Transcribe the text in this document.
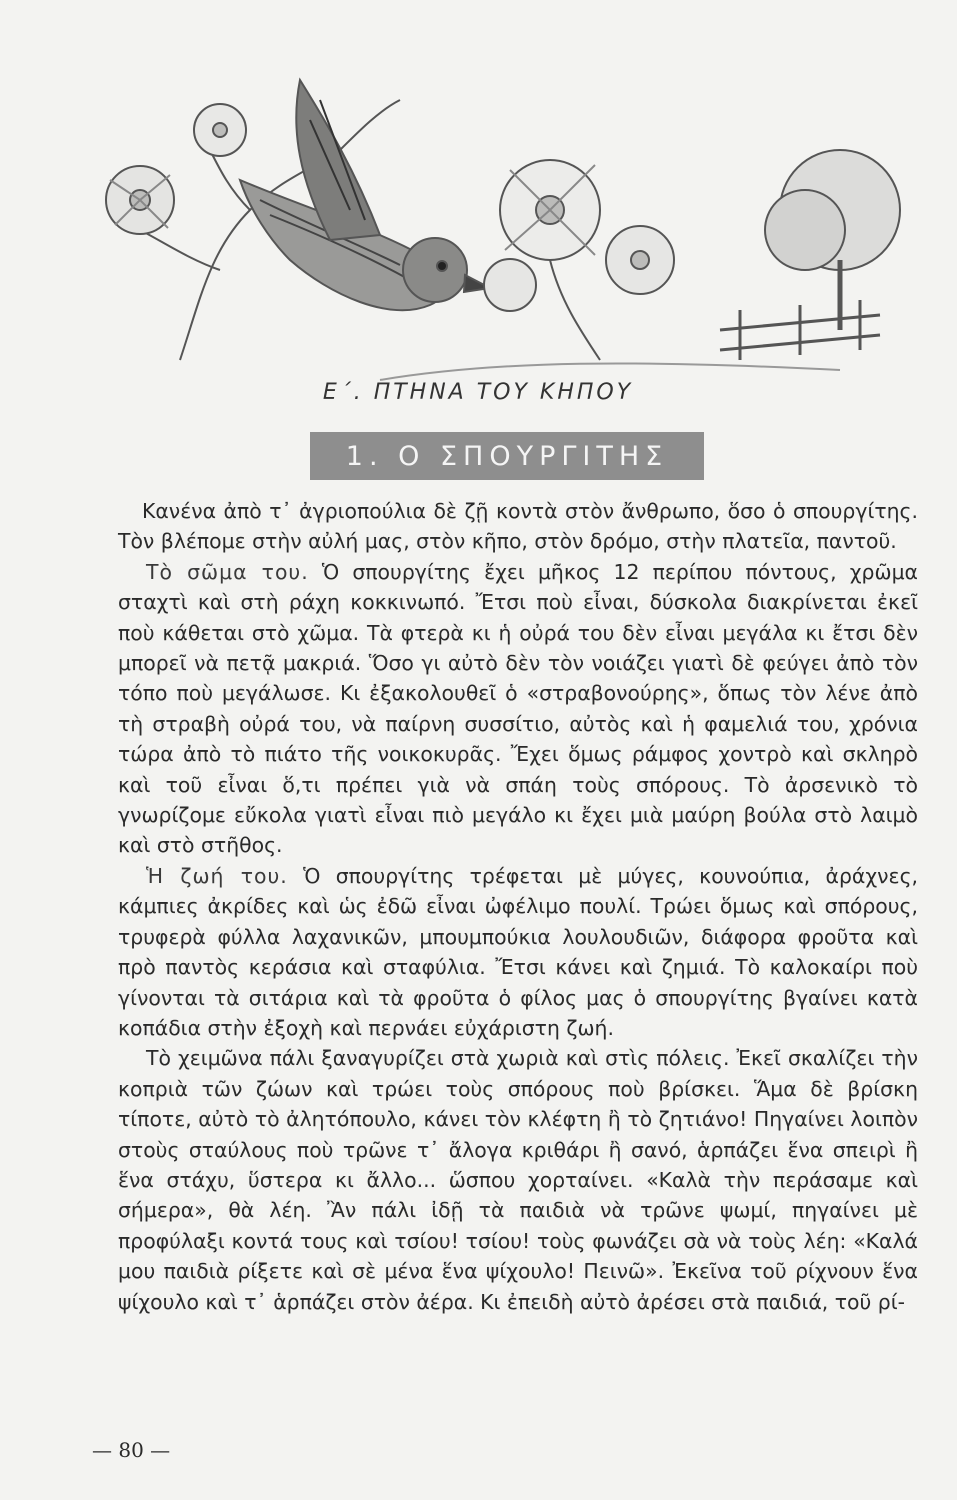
Ε΄. ΠΤΗΝΑ ΤΟΥ ΚΗΠΟΥ
1. Ο ΣΠΟΥΡΓΙΤΗΣ

Κανένα ἀπὸ τ᾽ ἀγριοπούλια δὲ ζῇ κοντὰ στὸν ἄνθρωπο, ὅσο ὁ σπουργίτης. Τὸν βλέπομε στὴν αὐλή μας, στὸν κῆπο, στὸν δρόμο, στὴν πλατεῖα, παντοῦ.

Τὸ σῶμα του. Ὁ σπουργίτης ἔχει μῆκος 12 περίπου πόντους, χρῶμα σταχτὶ καὶ στὴ ράχη κοκκινωπό. Ἔτσι ποὺ εἶναι, δύσκολα διακρίνεται ἐκεῖ ποὺ κάθεται στὸ χῶμα. Τὰ φτερὰ κι ἡ οὐρά του δὲν εἶναι μεγάλα κι ἔτσι δὲν μπορεῖ νὰ πετᾷ μακριά. Ὅσο γι αὐτὸ δὲν τὸν νοιάζει γιατὶ δὲ φεύγει ἀπὸ τὸν τόπο ποὺ μεγάλωσε. Κι ἐξακολουθεῖ ὁ «στραβονούρης», ὅπως τὸν λένε ἀπὸ τὴ στραβὴ οὐρά του, νὰ παίρνη συσσίτιο, αὐτὸς καὶ ἡ φαμελιά του, χρόνια τώρα ἀπὸ τὸ πιάτο τῆς νοικοκυρᾶς. Ἔχει ὅμως ράμφος χοντρὸ καὶ σκληρὸ καὶ τοῦ εἶναι ὅ,τι πρέπει γιὰ νὰ σπάη τοὺς σπόρους. Τὸ ἀρσενικὸ τὸ γνωρίζομε εὔκολα γιατὶ εἶναι πιὸ μεγάλο κι ἔχει μιὰ μαύρη βούλα στὸ λαιμὸ καὶ στὸ στῆθος.

Ἡ ζωή του. Ὁ σπουργίτης τρέφεται μὲ μύγες, κουνούπια, ἀράχνες, κάμπιες ἀκρίδες καὶ ὡς ἐδῶ εἶναι ὠφέλιμο πουλί. Τρώει ὅμως καὶ σπόρους, τρυφερὰ φύλλα λαχανικῶν, μπουμπούκια λουλουδιῶν, διάφορα φροῦτα καὶ πρὸ παντὸς κεράσια καὶ σταφύλια. Ἔτσι κάνει καὶ ζημιά. Τὸ καλοκαίρι ποὺ γίνονται τὰ σιτάρια καὶ τὰ φροῦτα ὁ φίλος μας ὁ σπουργίτης βγαίνει κατὰ κοπάδια στὴν ἐξοχὴ καὶ περνάει εὐχάριστη ζωή.

Τὸ χειμῶνα πάλι ξαναγυρίζει στὰ χωριὰ καὶ στὶς πόλεις. Ἐκεῖ σκαλίζει τὴν κοπριὰ τῶν ζώων καὶ τρώει τοὺς σπόρους ποὺ βρίσκει. Ἅμα δὲ βρίσκη τίποτε, αὐτὸ τὸ ἀλητόπουλο, κάνει τὸν κλέφτη ἢ τὸ ζητιάνο! Πηγαίνει λοιπὸν στοὺς σταύλους ποὺ τρῶνε τ᾽ ἄλογα κριθάρι ἢ σανό, ἁρπάζει ἕνα σπειρὶ ἢ ἕνα στάχυ, ὕστερα κι ἄλλο... ὥσπου χορταίνει. «Καλὰ τὴν περάσαμε καὶ σήμερα», θὰ λέη. Ἂν πάλι ἰδῇ τὰ παιδιὰ νὰ τρῶνε ψωμί, πηγαίνει μὲ προφύλαξι κοντά τους καὶ τσίου! τσίου! τοὺς φωνάζει σὰ νὰ τοὺς λέη: «Καλά μου παιδιὰ ρίξετε καὶ σὲ μένα ἕνα ψίχουλο! Πεινῶ». Ἐκεῖνα τοῦ ρίχνουν ἕνα ψίχουλο καὶ τ᾽ ἁρπάζει στὸν ἀέρα. Κι ἐπειδὴ αὐτὸ ἀρέσει στὰ παιδιά, τοῦ ρί-

— 80 —
